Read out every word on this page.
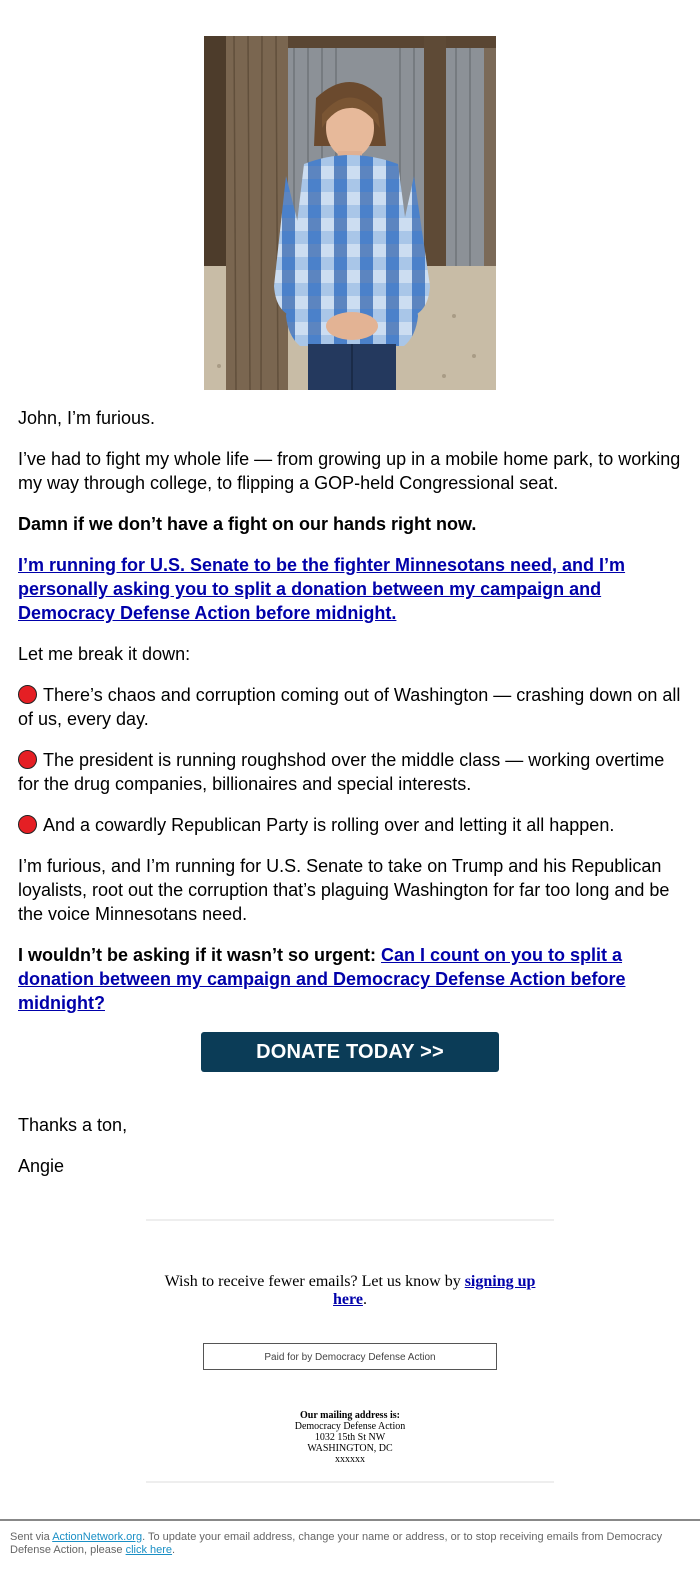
John, I’m furious.

I’ve had to fight my whole life — from growing up in a mobile home park, to working my way through college, to flipping a GOP-held Congressional seat.

Damn if we don’t have a fight on our hands right now.

I’m running for U.S. Senate to be the fighter Minnesotans need, and I’m personally asking you to split a donation between my campaign and Democracy Defense Action before midnight.

Let me break it down:

There’s chaos and corruption coming out of Washington — crashing down on all of us, every day.

The president is running roughshod over the middle class — working overtime for the drug companies, billionaires and special interests.

And a cowardly Republican Party is rolling over and letting it all happen.

I’m furious, and I’m running for U.S. Senate to take on Trump and his Republican loyalists, root out the corruption that’s plaguing Washington for far too long and be the voice Minnesotans need.

I wouldn’t be asking if it wasn’t so urgent: Can I count on you to split a donation between my campaign and Democracy Defense Action before midnight?

DONATE TODAY >>

Thanks a ton,

Angie

Wish to receive fewer emails? Let us know by signing up here.

Paid for by Democracy Defense Action
Our mailing address is:
Democracy Defense Action
1032 15th St NW
WASHINGTON, DC
xxxxxx
Sent via ActionNetwork.org. To update your email address, change your name or address, or to stop receiving emails from Democracy Defense Action, please click here.
